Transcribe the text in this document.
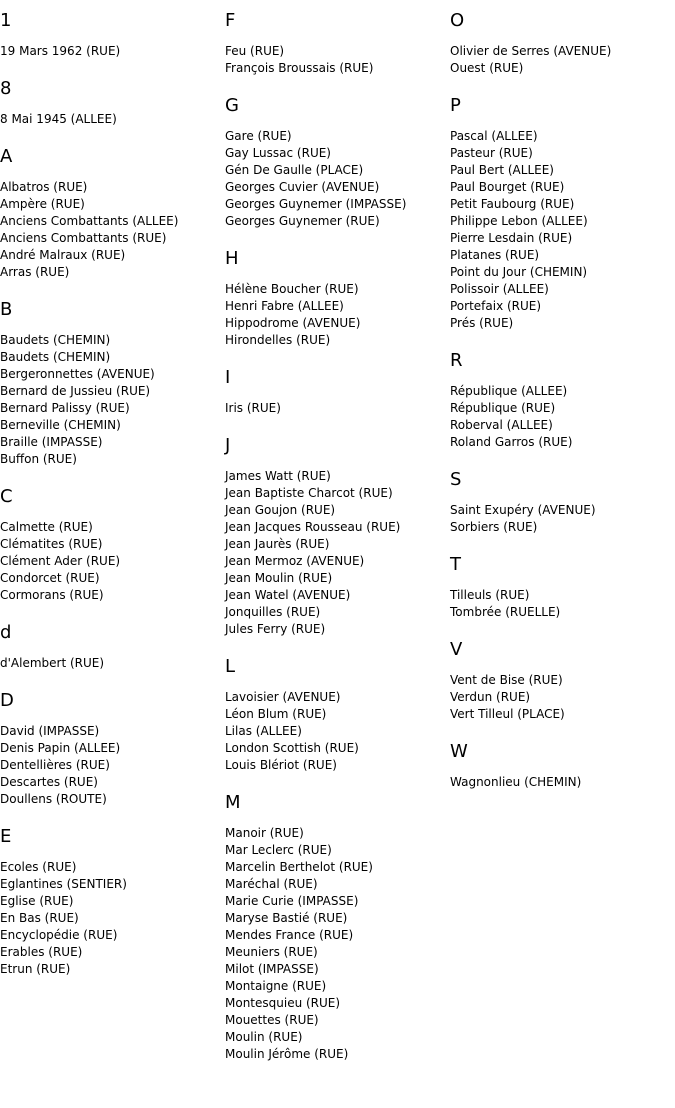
1
19 Mars 1962 (RUE)
8
8 Mai 1945 (ALLEE)
A
Albatros (RUE)
Ampère (RUE)
Anciens Combattants (ALLEE)
Anciens Combattants (RUE)
André Malraux (RUE)
Arras (RUE)
B
Baudets (CHEMIN)
Baudets (CHEMIN)
Bergeronnettes (AVENUE)
Bernard de Jussieu (RUE)
Bernard Palissy (RUE)
Berneville (CHEMIN)
Braille (IMPASSE)
Buffon (RUE)
C
Calmette (RUE)
Clématites (RUE)
Clément Ader (RUE)
Condorcet (RUE)
Cormorans (RUE)
d
d'Alembert (RUE)
D
David (IMPASSE)
Denis Papin (ALLEE)
Dentellières (RUE)
Descartes (RUE)
Doullens (ROUTE)
E
Ecoles (RUE)
Eglantines (SENTIER)
Eglise (RUE)
En Bas (RUE)
Encyclopédie (RUE)
Erables (RUE)
Etrun (RUE)
F
Feu (RUE)
François Broussais (RUE)
G
Gare (RUE)
Gay Lussac (RUE)
Gén De Gaulle (PLACE)
Georges Cuvier (AVENUE)
Georges Guynemer (IMPASSE)
Georges Guynemer (RUE)
H
Hélène Boucher (RUE)
Henri Fabre (ALLEE)
Hippodrome (AVENUE)
Hirondelles (RUE)
I
Iris (RUE)
J
James Watt (RUE)
Jean Baptiste Charcot (RUE)
Jean Goujon (RUE)
Jean Jacques Rousseau (RUE)
Jean Jaurès (RUE)
Jean Mermoz (AVENUE)
Jean Moulin (RUE)
Jean Watel (AVENUE)
Jonquilles (RUE)
Jules Ferry (RUE)
L
Lavoisier (AVENUE)
Léon Blum (RUE)
Lilas (ALLEE)
London Scottish (RUE)
Louis Blériot (RUE)
M
Manoir (RUE)
Mar Leclerc (RUE)
Marcelin Berthelot (RUE)
Maréchal (RUE)
Marie Curie (IMPASSE)
Maryse Bastié (RUE)
Mendes France (RUE)
Meuniers (RUE)
Milot (IMPASSE)
Montaigne (RUE)
Montesquieu (RUE)
Mouettes (RUE)
Moulin (RUE)
Moulin Jérôme (RUE)
O
Olivier de Serres (AVENUE)
Ouest (RUE)
P
Pascal (ALLEE)
Pasteur (RUE)
Paul Bert (ALLEE)
Paul Bourget (RUE)
Petit Faubourg (RUE)
Philippe Lebon (ALLEE)
Pierre Lesdain (RUE)
Platanes (RUE)
Point du Jour (CHEMIN)
Polissoir (ALLEE)
Portefaix (RUE)
Prés (RUE)
R
République (ALLEE)
République (RUE)
Roberval (ALLEE)
Roland Garros (RUE)
S
Saint Exupéry (AVENUE)
Sorbiers (RUE)
T
Tilleuls (RUE)
Tombrée (RUELLE)
V
Vent de Bise (RUE)
Verdun (RUE)
Vert Tilleul (PLACE)
W
Wagnonlieu (CHEMIN)
